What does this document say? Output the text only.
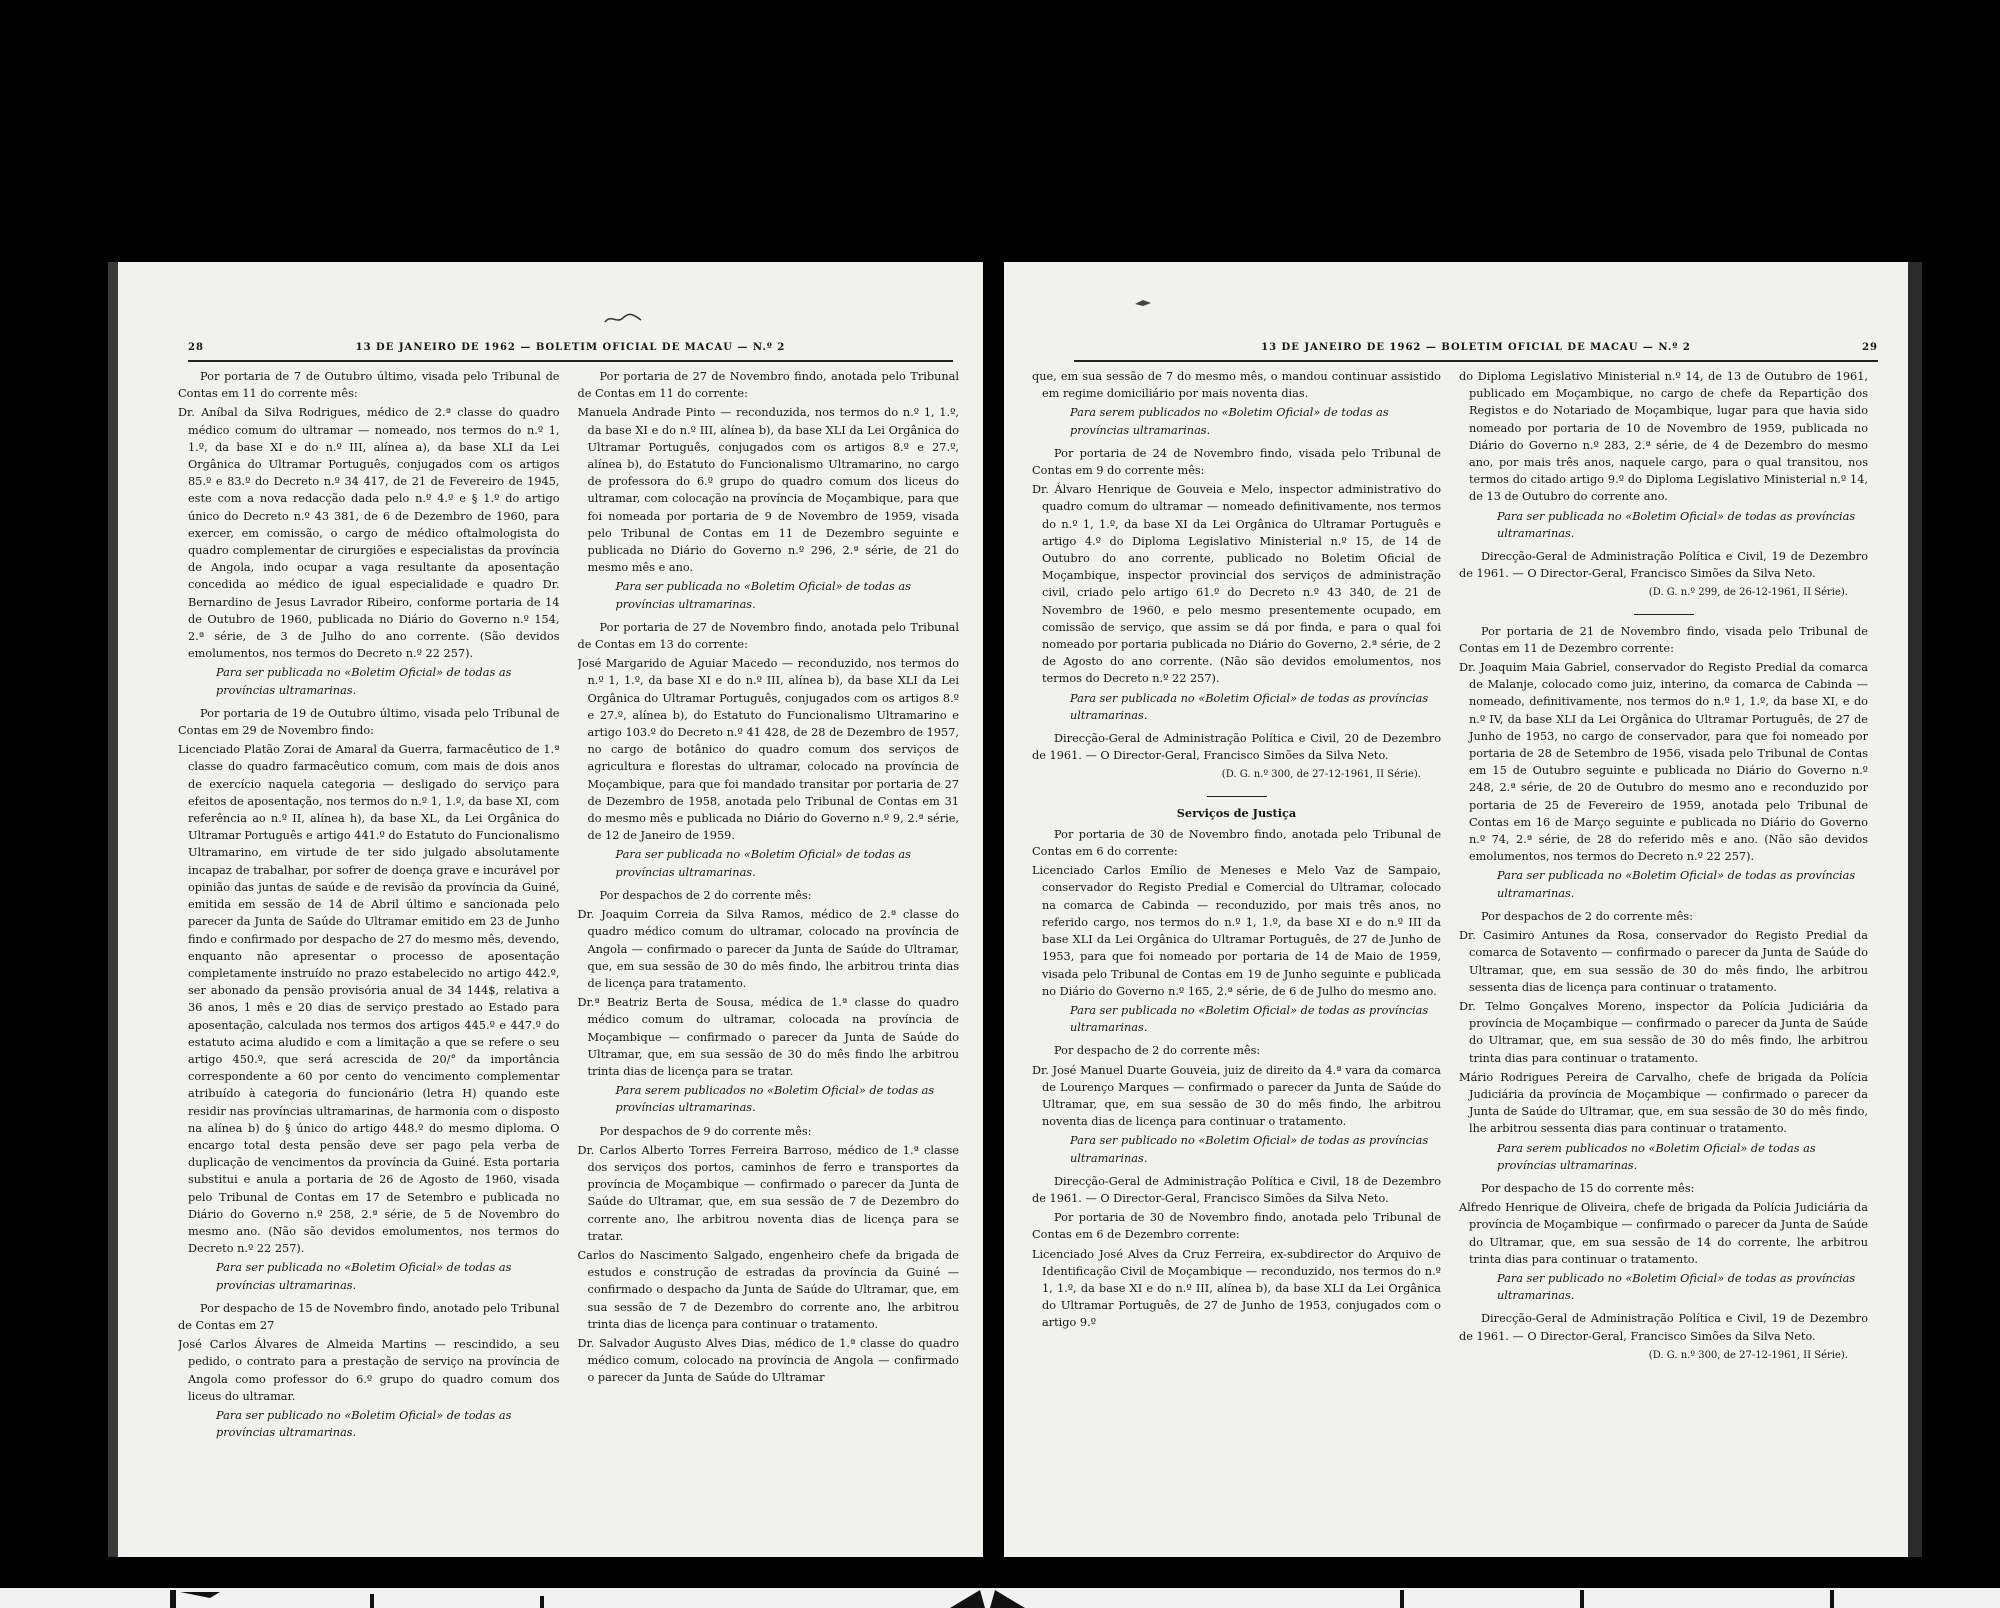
28	13 DE JANEIRO DE 1962 — BOLETIM OFICIAL DE MACAU — N.º 2

Por portaria de 7 de Outubro último, visada pelo Tribunal de Contas em 11 do corrente mês:

Dr. Aníbal da Silva Rodrigues, médico de 2.ª classe do quadro médico comum do ultramar — nomeado, nos termos do n.º 1, 1.º, da base XI e do n.º III, alínea a), da base XLI da Lei Orgânica do Ultramar Português, conjugados com os artigos 85.º e 83.º do Decreto n.º 34 417, de 21 de Fevereiro de 1945, este com a nova redacção dada pelo n.º 4.º e § 1.º do artigo único do Decreto n.º 43 381, de 6 de Dezembro de 1960, para exercer, em comissão, o cargo de médico oftalmologista do quadro complementar de cirurgiões e especialistas da província de Angola, indo ocupar a vaga resultante da aposentação concedida ao médico de igual especialidade e quadro Dr. Bernardino de Jesus Lavrador Ribeiro, conforme portaria de 14 de Outubro de 1960, publicada no Diário do Governo n.º 154, 2.ª série, de 3 de Julho do ano corrente. (São devidos emolumentos, nos termos do Decreto n.º 22 257).

Para ser publicada no «Boletim Oficial» de todas as províncias ultramarinas.

Por portaria de 19 de Outubro último, visada pelo Tribunal de Contas em 29 de Novembro findo:

Licenciado Platão Zorai de Amaral da Guerra, farmacêutico de 1.ª classe do quadro farmacêutico comum, com mais de dois anos de exercício naquela categoria — desligado do serviço para efeitos de aposentação, nos termos do n.º 1, 1.º, da base XI, com referência ao n.º II, alínea h), da base XL, da Lei Orgânica do Ultramar Português e artigo 441.º do Estatuto do Funcionalismo Ultramarino, em virtude de ter sido julgado absolutamente incapaz de trabalhar, por sofrer de doença grave e incurável por opinião das juntas de saúde e de revisão da província da Guiné, emitida em sessão de 14 de Abril último e sancionada pelo parecer da Junta de Saúde do Ultramar emitido em 23 de Junho findo e confirmado por despacho de 27 do mesmo mês, devendo, enquanto não apresentar o processo de aposentação completamente instruído no prazo estabelecido no artigo 442.º, ser abonado da pensão provisória anual de 34 144$, relativa a 36 anos, 1 mês e 20 dias de serviço prestado ao Estado para aposentação, calculada nos termos dos artigos 445.º e 447.º do estatuto acima aludido e com a limitação a que se refere o seu artigo 450.º, que será acrescida de 20/° da importância correspondente a 60 por cento do vencimento complementar atribuído à categoria do funcionário (letra H) quando este residir nas províncias ultramarinas, de harmonia com o disposto na alínea b) do § único do artigo 448.º do mesmo diploma. O encargo total desta pensão deve ser pago pela verba de duplicação de vencimentos da província da Guiné. Esta portaria substitui e anula a portaria de 26 de Agosto de 1960, visada pelo Tribunal de Contas em 17 de Setembro e publicada no Diário do Governo n.º 258, 2.ª série, de 5 de Novembro do mesmo ano. (Não são devidos emolumentos, nos termos do Decreto n.º 22 257).

Para ser publicada no «Boletim Oficial» de todas as províncias ultramarinas.

Por despacho de 15 de Novembro findo, anotado pelo Tribunal de Contas em 27

José Carlos Álvares de Almeida Martins — rescindido, a seu pedido, o contrato para a prestação de serviço na província de Angola como professor do 6.º grupo do quadro comum dos liceus do ultramar.

Para ser publicado no «Boletim Oficial» de todas as províncias ultramarinas.

Por portaria de 27 de Novembro findo, anotada pelo Tribunal de Contas em 11 do corrente:

Manuela Andrade Pinto — reconduzida, nos termos do n.º 1, 1.º, da base XI e do n.º III, alínea b), da base XLI da Lei Orgânica do Ultramar Português, conjugados com os artigos 8.º e 27.º, alínea b), do Estatuto do Funcionalismo Ultramarino, no cargo de professora do 6.º grupo do quadro comum dos liceus do ultramar, com colocação na província de Moçambique, para que foi nomeada por portaria de 9 de Novembro de 1959, visada pelo Tribunal de Contas em 11 de Dezembro seguinte e publicada no Diário do Governo n.º 296, 2.ª série, de 21 do mesmo mês e ano.

Para ser publicada no «Boletim Oficial» de todas as províncias ultramarinas.

Por portaria de 27 de Novembro findo, anotada pelo Tribunal de Contas em 13 do corrente:

José Margarido de Aguiar Macedo — reconduzido, nos termos do n.º 1, 1.º, da base XI e do n.º III, alínea b), da base XLI da Lei Orgânica do Ultramar Português, conjugados com os artigos 8.º e 27.º, alínea b), do Estatuto do Funcionalismo Ultramarino e artigo 103.º do Decreto n.º 41 428, de 28 de Dezembro de 1957, no cargo de botânico do quadro comum dos serviços de agricultura e florestas do ultramar, colocado na província de Moçambique, para que foi mandado transitar por portaria de 27 de Dezembro de 1958, anotada pelo Tribunal de Contas em 31 do mesmo mês e publicada no Diário do Governo n.º 9, 2.ª série, de 12 de Janeiro de 1959.

Para ser publicada no «Boletim Oficial» de todas as províncias ultramarinas.

Por despachos de 2 do corrente mês:

Dr. Joaquim Correia da Silva Ramos, médico de 2.ª classe do quadro médico comum do ultramar, colocado na província de Angola — confirmado o parecer da Junta de Saúde do Ultramar, que, em sua sessão de 30 do mês findo, lhe arbitrou trinta dias de licença para tratamento.

Dr.ª Beatriz Berta de Sousa, médica de 1.ª classe do quadro médico comum do ultramar, colocada na província de Moçambique — confirmado o parecer da Junta de Saúde do Ultramar, que, em sua sessão de 30 do mês findo lhe arbitrou trinta dias de licença para se tratar.

Para serem publicados no «Boletim Oficial» de todas as províncias ultramarinas.

Por despachos de 9 do corrente mês:

Dr. Carlos Alberto Torres Ferreira Barroso, médico de 1.ª classe dos serviços dos portos, caminhos de ferro e transportes da província de Moçambique — confirmado o parecer da Junta de Saúde do Ultramar, que, em sua sessão de 7 de Dezembro do corrente ano, lhe arbitrou noventa dias de licença para se tratar.

Carlos do Nascimento Salgado, engenheiro chefe da brigada de estudos e construção de estradas da província da Guiné — confirmado o despacho da Junta de Saúde do Ultramar, que, em sua sessão de 7 de Dezembro do corrente ano, lhe arbitrou trinta dias de licença para continuar o tratamento.

Dr. Salvador Augusto Alves Dias, médico de 1.ª classe do quadro médico comum, colocado na província de Angola — confirmado o parecer da Junta de Saúde do Ultramar

13 DE JANEIRO DE 1962 — BOLETIM OFICIAL DE MACAU — N.º 2	29

que, em sua sessão de 7 do mesmo mês, o mandou continuar assistido em regime domiciliário por mais noventa dias.

Para serem publicados no «Boletim Oficial» de todas as províncias ultramarinas.

Por portaria de 24 de Novembro findo, visada pelo Tribunal de Contas em 9 do corrente mês:

Dr. Álvaro Henrique de Gouveia e Melo, inspector administrativo do quadro comum do ultramar — nomeado definitivamente, nos termos do n.º 1, 1.º, da base XI da Lei Orgânica do Ultramar Português e artigo 4.º do Diploma Legislativo Ministerial n.º 15, de 14 de Outubro do ano corrente, publicado no Boletim Oficial de Moçambique, inspector provincial dos serviços de administração civil, criado pelo artigo 61.º do Decreto n.º 43 340, de 21 de Novembro de 1960, e pelo mesmo presentemente ocupado, em comissão de serviço, que assim se dá por finda, e para o qual foi nomeado por portaria publicada no Diário do Governo, 2.ª série, de 2 de Agosto do ano corrente. (Não são devidos emolumentos, nos termos do Decreto n.º 22 257).

Para ser publicada no «Boletim Oficial» de todas as províncias ultramarinas.

Direcção-Geral de Administração Política e Civil, 20 de Dezembro de 1961. — O Director-Geral, Francisco Simões da Silva Neto.

(D. G. n.º 300, de 27-12-1961, II Série).

Serviços de Justiça

Por portaria de 30 de Novembro findo, anotada pelo Tribunal de Contas em 6 do corrente:

Licenciado Carlos Emílio de Meneses e Melo Vaz de Sampaio, conservador do Registo Predial e Comercial do Ultramar, colocado na comarca de Cabinda — reconduzido, por mais três anos, no referido cargo, nos termos do n.º 1, 1.º, da base XI e do n.º III da base XLI da Lei Orgânica do Ultramar Português, de 27 de Junho de 1953, para que foi nomeado por portaria de 14 de Maio de 1959, visada pelo Tribunal de Contas em 19 de Junho seguinte e publicada no Diário do Governo n.º 165, 2.ª série, de 6 de Julho do mesmo ano.

Para ser publicada no «Boletim Oficial» de todas as províncias ultramarinas.

Por despacho de 2 do corrente mês:

Dr. José Manuel Duarte Gouveia, juiz de direito da 4.ª vara da comarca de Lourenço Marques — confirmado o parecer da Junta de Saúde do Ultramar, que, em sua sessão de 30 do mês findo, lhe arbitrou noventa dias de licença para continuar o tratamento.

Para ser publicado no «Boletim Oficial» de todas as províncias ultramarinas.

Direcção-Geral de Administração Política e Civil, 18 de Dezembro de 1961. — O Director-Geral, Francisco Simões da Silva Neto.

Por portaria de 30 de Novembro findo, anotada pelo Tribunal de Contas em 6 de Dezembro corrente:

Licenciado José Alves da Cruz Ferreira, ex-subdirector do Arquivo de Identificação Civil de Moçambique — reconduzido, nos termos do n.º 1, 1.º, da base XI e do n.º III, alínea b), da base XLI da Lei Orgânica do Ultramar Português, de 27 de Junho de 1953, conjugados com o artigo 9.º

do Diploma Legislativo Ministerial n.º 14, de 13 de Outubro de 1961, publicado em Moçambique, no cargo de chefe da Repartição dos Registos e do Notariado de Moçambique, lugar para que havia sido nomeado por portaria de 10 de Novembro de 1959, publicada no Diário do Governo n.º 283, 2.ª série, de 4 de Dezembro do mesmo ano, por mais três anos, naquele cargo, para o qual transitou, nos termos do citado artigo 9.º do Diploma Legislativo Ministerial n.º 14, de 13 de Outubro do corrente ano.

Para ser publicada no «Boletim Oficial» de todas as províncias ultramarinas.

Direcção-Geral de Administração Política e Civil, 19 de Dezembro de 1961. — O Director-Geral, Francisco Simões da Silva Neto.

(D. G. n.º 299, de 26-12-1961, II Série).

Por portaria de 21 de Novembro findo, visada pelo Tribunal de Contas em 11 de Dezembro corrente:

Dr. Joaquim Maia Gabriel, conservador do Registo Predial da comarca de Malanje, colocado como juiz, interino, da comarca de Cabinda — nomeado, definitivamente, nos termos do n.º 1, 1.º, da base XI, e do n.º IV, da base XLI da Lei Orgânica do Ultramar Português, de 27 de Junho de 1953, no cargo de conservador, para que foi nomeado por portaria de 28 de Setembro de 1956, visada pelo Tribunal de Contas em 15 de Outubro seguinte e publicada no Diário do Governo n.º 248, 2.ª série, de 20 de Outubro do mesmo ano e reconduzido por portaria de 25 de Fevereiro de 1959, anotada pelo Tribunal de Contas em 16 de Março seguinte e publicada no Diário do Governo n.º 74, 2.ª série, de 28 do referido mês e ano. (Não são devidos emolumentos, nos termos do Decreto n.º 22 257).

Para ser publicada no «Boletim Oficial» de todas as províncias ultramarinas.

Por despachos de 2 do corrente mês:

Dr. Casimiro Antunes da Rosa, conservador do Registo Predial da comarca de Sotavento — confirmado o parecer da Junta de Saúde do Ultramar, que, em sua sessão de 30 do mês findo, lhe arbitrou sessenta dias de licença para continuar o tratamento.

Dr. Telmo Gonçalves Moreno, inspector da Polícia Judiciária da província de Moçambique — confirmado o parecer da Junta de Saúde do Ultramar, que, em sua sessão de 30 do mês findo, lhe arbitrou trinta dias para continuar o tratamento.

Mário Rodrigues Pereira de Carvalho, chefe de brigada da Polícia Judiciária da província de Moçambique — confirmado o parecer da Junta de Saúde do Ultramar, que, em sua sessão de 30 do mês findo, lhe arbitrou sessenta dias para continuar o tratamento.

Para serem publicados no «Boletim Oficial» de todas as províncias ultramarinas.

Por despacho de 15 do corrente mês:

Alfredo Henrique de Oliveira, chefe de brigada da Polícia Judiciária da província de Moçambique — confirmado o parecer da Junta de Saúde do Ultramar, que, em sua sessão de 14 do corrente, lhe arbitrou trinta dias para continuar o tratamento.

Para ser publicado no «Boletim Oficial» de todas as províncias ultramarinas.

Direcção-Geral de Administração Política e Civil, 19 de Dezembro de 1961. — O Director-Geral, Francisco Simões da Silva Neto.

(D. G. n.º 300, de 27-12-1961, II Série).
